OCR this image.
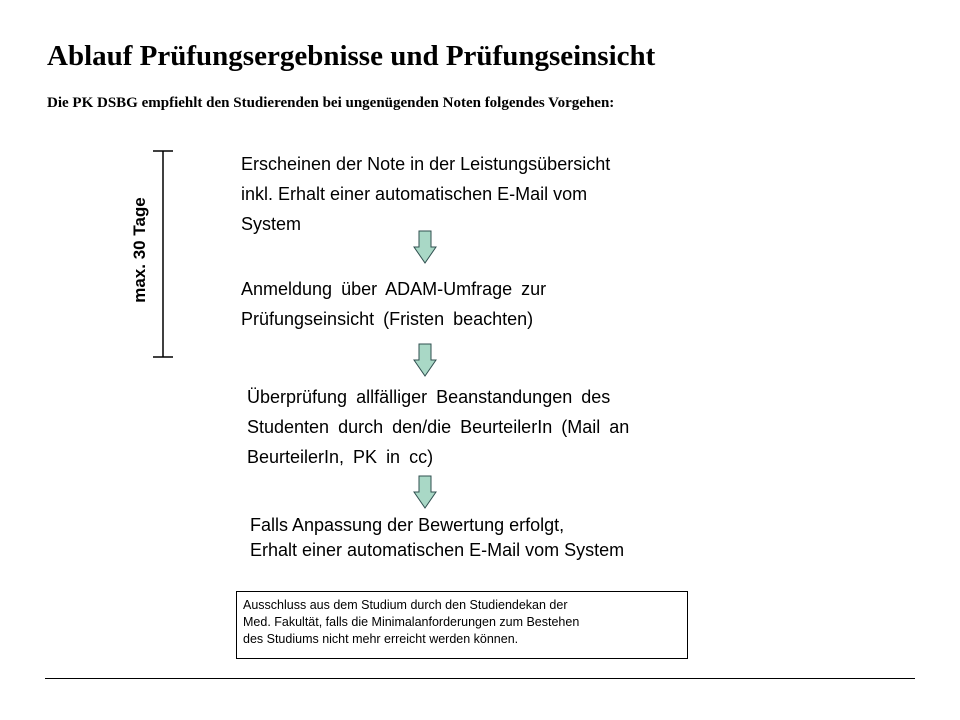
Ablauf Prüfungsergebnisse und Prüfungseinsicht
Die PK DSBG empfiehlt den Studierenden bei ungenügenden Noten folgendes Vorgehen:
max. 30 Tage
Erscheinen der Note in der Leistungsübersicht
inkl. Erhalt einer automatischen E-Mail vom
System
Anmeldung über ADAM-Umfrage zur
Prüfungseinsicht (Fristen beachten)
Überprüfung allfälliger Beanstandungen des
Studenten durch den/die BeurteilerIn (Mail an
BeurteilerIn, PK in cc)
Falls Anpassung der Bewertung erfolgt,
Erhalt einer automatischen E-Mail vom System
Ausschluss aus dem Studium durch den Studiendekan der
Med. Fakultät, falls die Minimalanforderungen zum Bestehen
des Studiums nicht mehr erreicht werden können.
